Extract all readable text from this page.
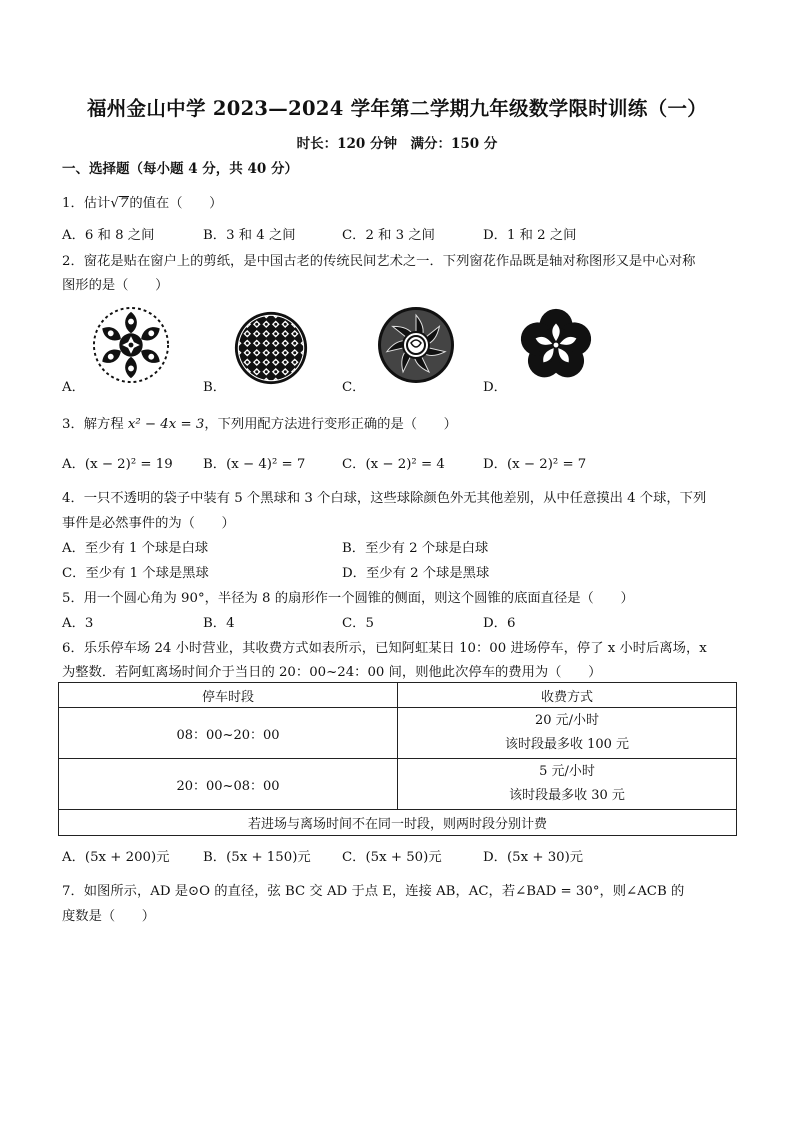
福州金山中学 2023—2024 学年第二学期九年级数学限时训练（一）
时长：120 分钟　满分：150 分
一、选择题（每小题 4 分，共 40 分）
1．估计√7的值在（　　）
A．6 和 8 之间	B．3 和 4 之间	C．2 和 3 之间	D．1 和 2 之间
2．窗花是贴在窗户上的剪纸，是中国古老的传统民间艺术之一．下列窗花作品既是轴对称图形又是中心对称
图形的是（　　）
A．	B．	C．	D．
3．解方程 x² − 4x = 3，下列用配方法进行变形正确的是（　　）
A．(x − 2)² = 19 B．(x − 4)² = 7	C．(x − 2)² = 4	D．(x − 2)² = 7
4．一只不透明的袋子中装有 5 个黑球和 3 个白球，这些球除颜色外无其他差别，从中任意摸出 4 个球，下列
事件是必然事件的为（　　）
A．至少有 1 个球是白球	B．至少有 2 个球是白球
C．至少有 1 个球是黑球	D．至少有 2 个球是黑球
5．用一个圆心角为 90°，半径为 8 的扇形作一个圆锥的侧面，则这个圆锥的底面直径是（　　）
A．3	B．4	C．5	D．6
6．乐乐停车场 24 小时营业，其收费方式如表所示，已知阿虹某日 10：00 进场停车，停了 x 小时后离场，x
为整数．若阿虹离场时间介于当日的 20：00~24：00 间，则他此次停车的费用为（　　）
停车时段	收费方式
08：00~20：00	20 元/小时
该时段最多收 100 元

20：00~08：00	5 元/小时
该时段最多收 30 元

若进场与离场时间不在同一时段，则两时段分别计费	
A．(5x + 200)元	B．(5x + 150)元 C．(5x + 50)元	D．(5x + 30)元
7．如图所示，AD 是⊙O 的直径，弦 BC 交 AD 于点 E，连接 AB，AC，若∠BAD = 30°，则∠ACB 的
度数是（　　）
